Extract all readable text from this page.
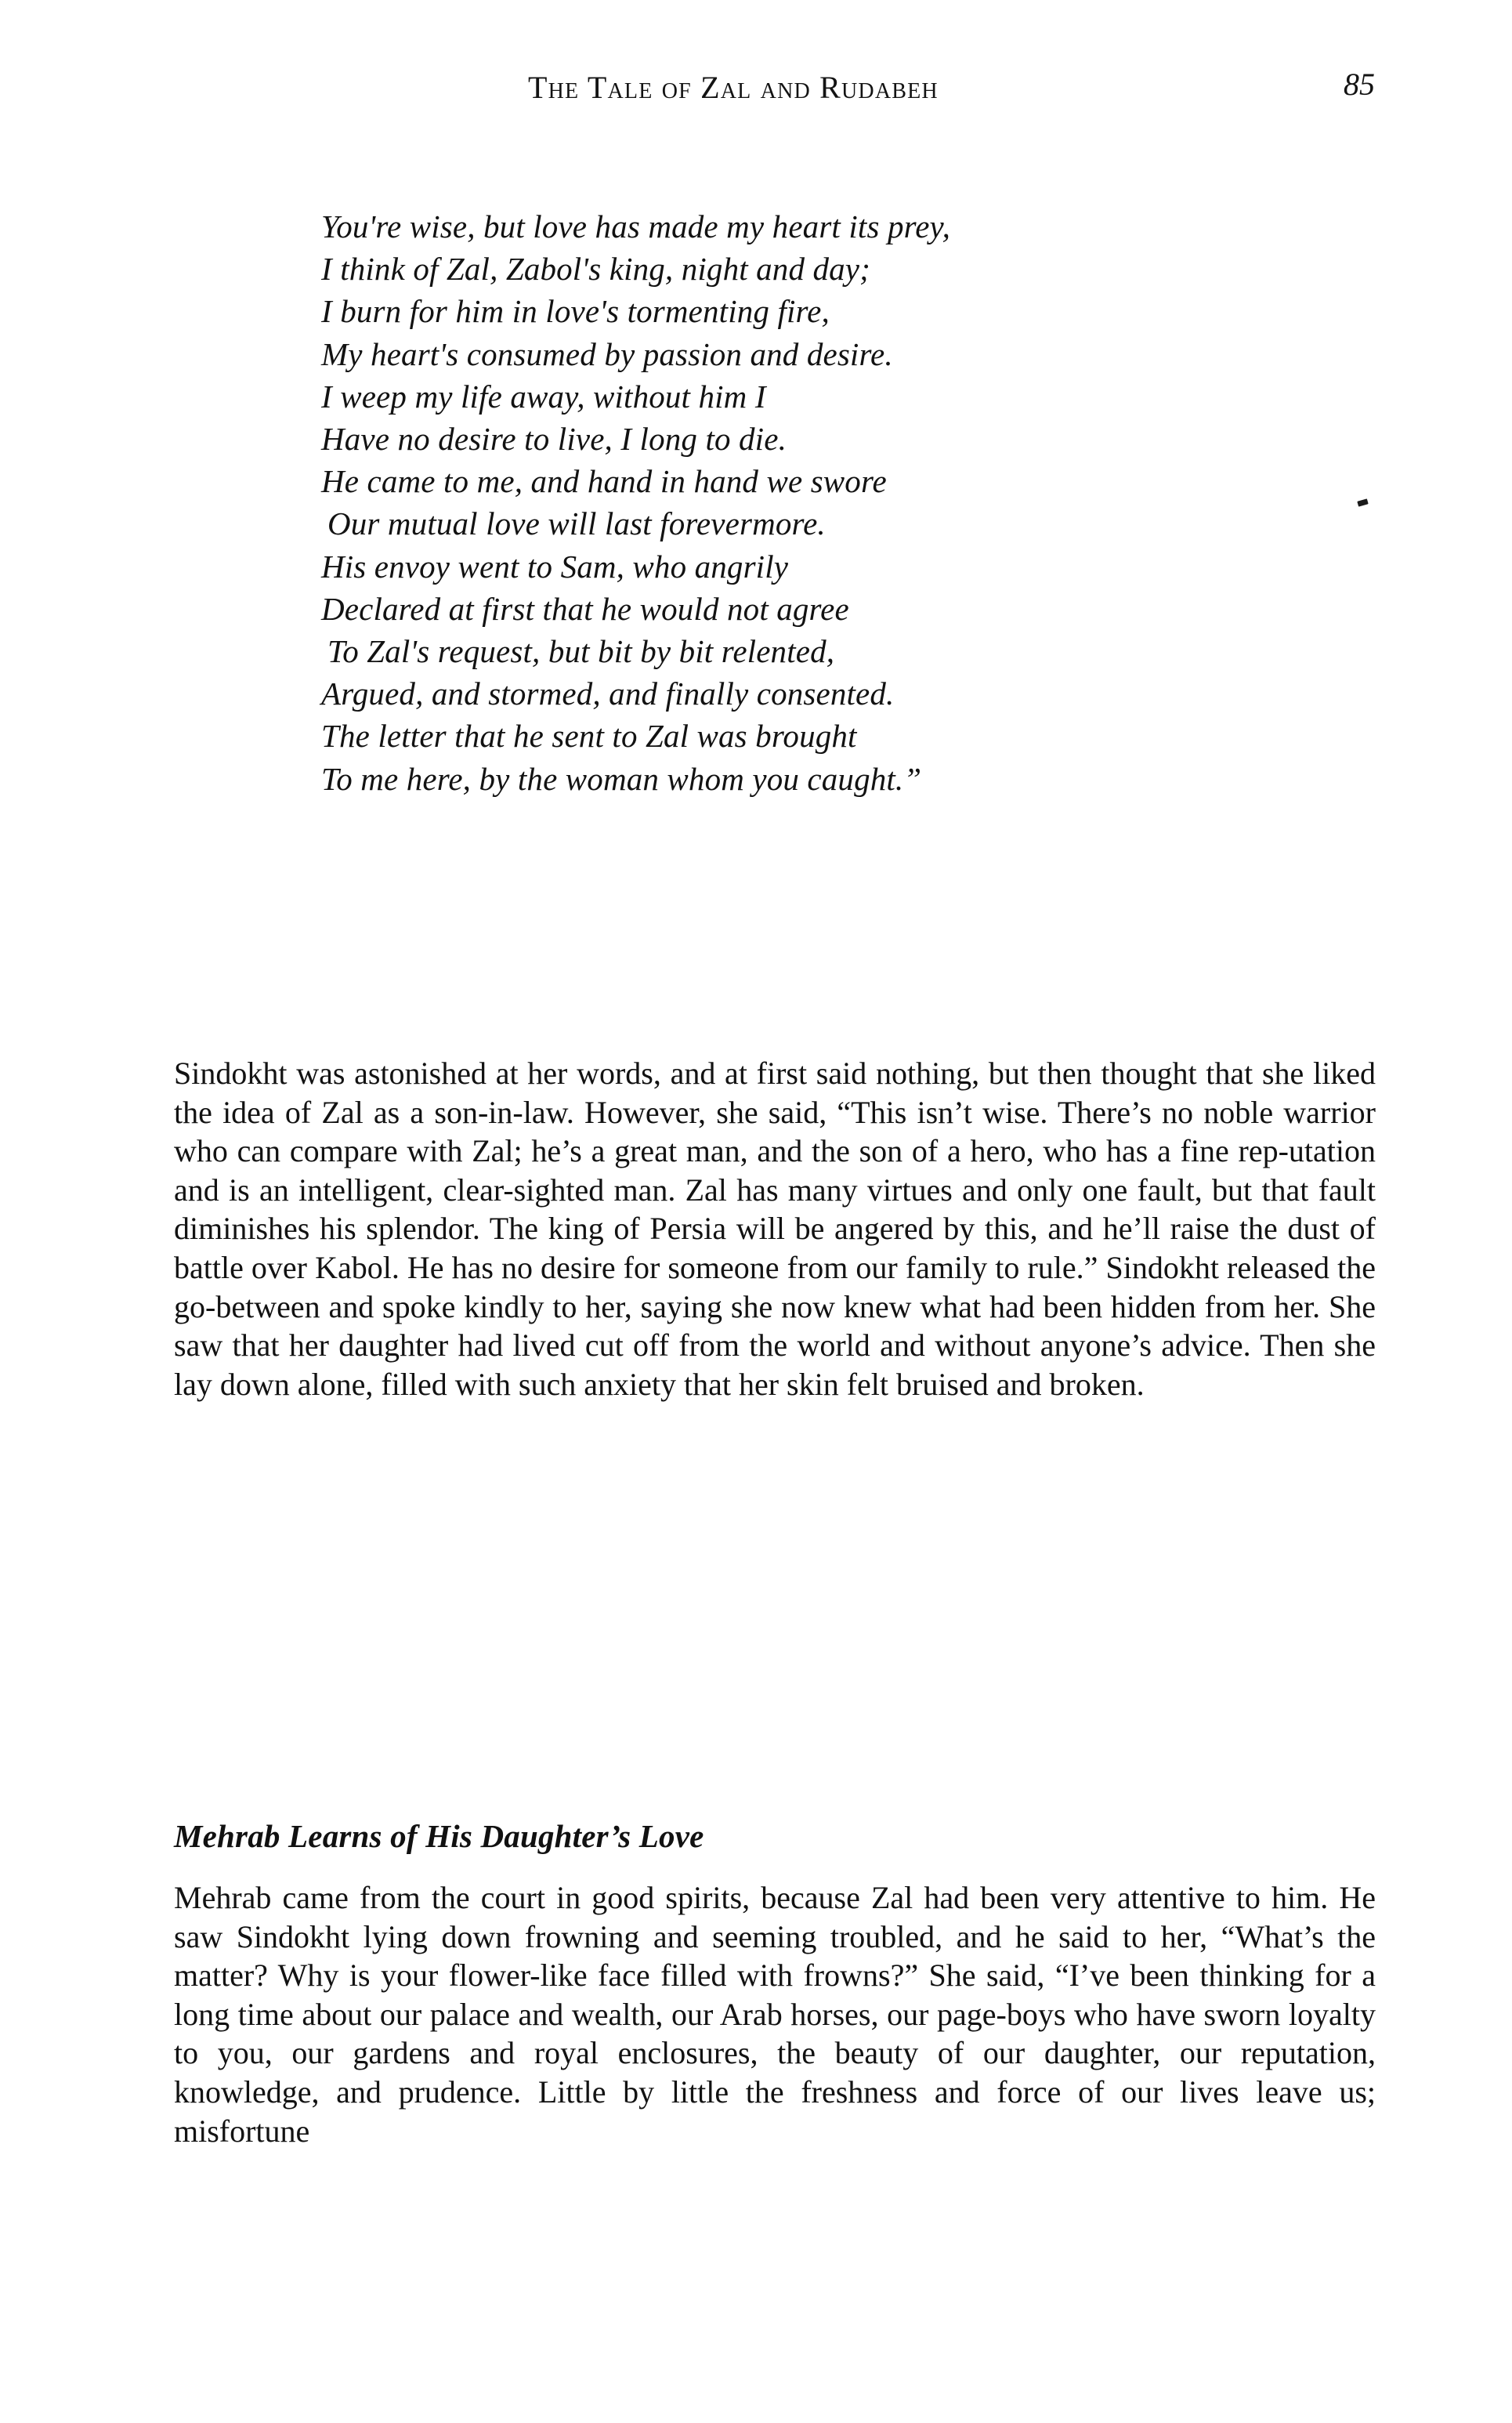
The Tale of Zal and Rudabeh	85
You're wise, but love has made my heart its prey,
I think of Zal, Zabol's king, night and day;
I burn for him in love's tormenting fire,
My heart's consumed by passion and desire.
I weep my life away, without him I
Have no desire to live, I long to die.
He came to me, and hand in hand we swore
Our mutual love will last forevermore.
His envoy went to Sam, who angrily
Declared at first that he would not agree
To Zal's request, but bit by bit relented,
Argued, and stormed, and finally consented.
The letter that he sent to Zal was brought
To me here, by the woman whom you caught.”

Sindokht was astonished at her words, and at first said nothing, but then thought that she liked the idea of Zal as a son-in-law. However, she said, “This isn’t wise. There’s no noble warrior who can compare with Zal; he’s a great man, and the son of a hero, who has a fine rep-utation and is an intelligent, clear-sighted man. Zal has many virtues and only one fault, but that fault diminishes his splendor. The king of Persia will be angered by this, and he’ll raise the dust of battle over Kabol. He has no desire for someone from our family to rule.” Sindokht released the go-between and spoke kindly to her, saying she now knew what had been hidden from her. She saw that her daughter had lived cut off from the world and without anyone’s advice. Then she lay down alone, filled with such anxiety that her skin felt bruised and broken.

Mehrab Learns of His Daughter’s Love

Mehrab came from the court in good spirits, because Zal had been very attentive to him. He saw Sindokht lying down frowning and seeming troubled, and he said to her, “What’s the matter? Why is your flower-like face filled with frowns?” She said, “I’ve been thinking for a long time about our palace and wealth, our Arab horses, our page-boys who have sworn loyalty to you, our gardens and royal enclosures, the beauty of our daughter, our reputation, knowledge, and prudence. Little by little the freshness and force of our lives leave us; misfortune
